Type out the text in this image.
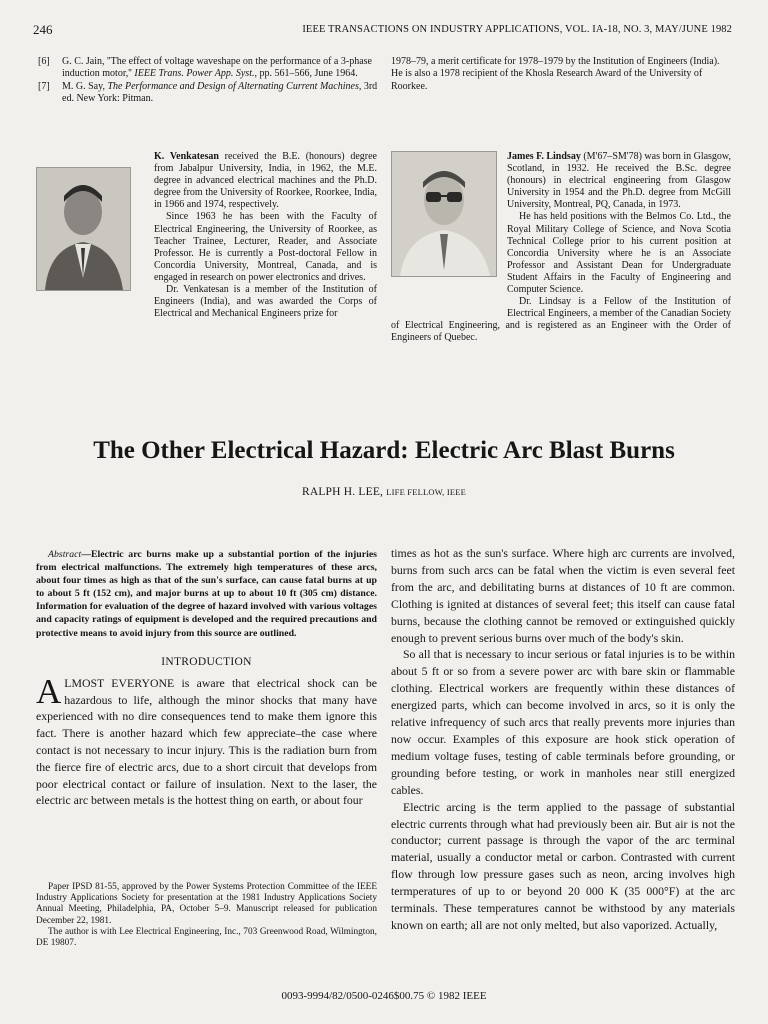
246	IEEE TRANSACTIONS ON INDUSTRY APPLICATIONS, VOL. IA-18, NO. 3, MAY/JUNE 1982
[6]	G. C. Jain, ''The effect of voltage waveshape on the performance of a 3-phase induction motor,'' IEEE Trans. Power App. Syst., pp. 561–566, June 1964.
[7]	M. G. Say, The Performance and Design of Alternating Current Machines, 3rd ed. New York: Pitman.
1978–79, a merit certificate for 1978–1979 by the Institution of Engineers (India). He is also a 1978 recipient of the Khosla Research Award of the University of Roorkee.

K. Venkatesan received the B.E. (honours) degree from Jabalpur University, India, in 1962, the M.E. degree in advanced electrical machines and the Ph.D. degree from the University of Roorkee, Roorkee, India, in 1966 and 1974, respectively.

Since 1963 he has been with the Faculty of Electrical Engineering, the University of Roorkee, as Teacher Trainee, Lecturer, Reader, and Associate Professor. He is currently a Post-doctoral Fellow in Concordia University, Montreal, Canada, and is engaged in research on power electronics and drives.

Dr. Venkatesan is a member of the Institution of Engineers (India), and was awarded the Corps of Electrical and Mechanical Engineers prize for

James F. Lindsay (M'67–SM'78) was born in Glasgow, Scotland, in 1932. He received the B.Sc. degree (honours) in electrical engineering from Glasgow University in 1954 and the Ph.D. degree from McGill University, Montreal, PQ, Canada, in 1973.

He has held positions with the Belmos Co. Ltd., the Royal Military College of Science, and Nova Scotia Technical College prior to his current position at Concordia University where he is an Associate Professor and Assistant Dean for Undergraduate Student Affairs in the Faculty of Engineering and Computer Science.

Dr. Lindsay is a Fellow of the Institution of Electrical Engineers, a member of the Canadian Society of Electrical Engineering, and is registered as an Engineer with the Order of Engineers of Quebec.

The Other Electrical Hazard: Electric Arc Blast Burns
RALPH H. LEE, LIFE FELLOW, IEEE

Abstract—Electric arc burns make up a substantial portion of the injuries from electrical malfunctions. The extremely high temperatures of these arcs, about four times as high as that of the sun's surface, can cause fatal burns at up to about 5 ft (152 cm), and major burns at up to about 10 ft (305 cm) distance. Information for evaluation of the degree of hazard involved with various voltages and capacity ratings of equipment is developed and the required precautions and protective means to avoid injury from this source are outlined.

INTRODUCTION

ALMOST EVERYONE is aware that electrical shock can be hazardous to life, although the minor shocks that many have experienced with no dire consequences tend to make them ignore this fact. There is another hazard which few appreciate–the case where contact is not necessary to incur injury. This is the radiation burn from the fierce fire of electric arcs, due to a short circuit that develops from poor electrical contact or failure of insulation. Next to the laser, the electric arc between metals is the hottest thing on earth, or about four

Paper IPSD 81-55, approved by the Power Systems Protection Committee of the IEEE Industry Applications Society for presentation at the 1981 Industry Applications Society Annual Meeting, Philadelphia, PA, October 5–9. Manuscript released for publication December 22, 1981.

The author is with Lee Electrical Engineering, Inc., 703 Greenwood Road, Wilmington, DE 19807.

times as hot as the sun's surface. Where high arc currents are involved, burns from such arcs can be fatal when the victim is even several feet from the arc, and debilitating burns at distances of 10 ft are common. Clothing is ignited at distances of several feet; this itself can cause fatal burns, because the clothing cannot be removed or extinguished quickly enough to prevent serious burns over much of the body's skin.

So all that is necessary to incur serious or fatal injuries is to be within about 5 ft or so from a severe power arc with bare skin or flammable clothing. Electrical workers are frequently within these distances of energized parts, which can become involved in arcs, so it is only the relative infrequency of such arcs that really prevents more injuries than now occur. Examples of this exposure are hook stick operation of medium voltage fuses, testing of cable terminals before grounding, or grounding before testing, or work in manholes near still energized cables.

Electric arcing is the term applied to the passage of substantial electric currents through what had previously been air. But air is not the conductor; current passage is through the vapor of the arc terminal material, usually a conductor metal or carbon. Contrasted with current flow through low pressure gases such as neon, arcing involves high termperatures of up to or beyond 20 000 K (35 000°F) at the arc terminals. These temperatures cannot be withstood by any materials known on earth; all are not only melted, but also vaporized. Actually,

0093-9994/82/0500-0246$00.75 © 1982 IEEE
